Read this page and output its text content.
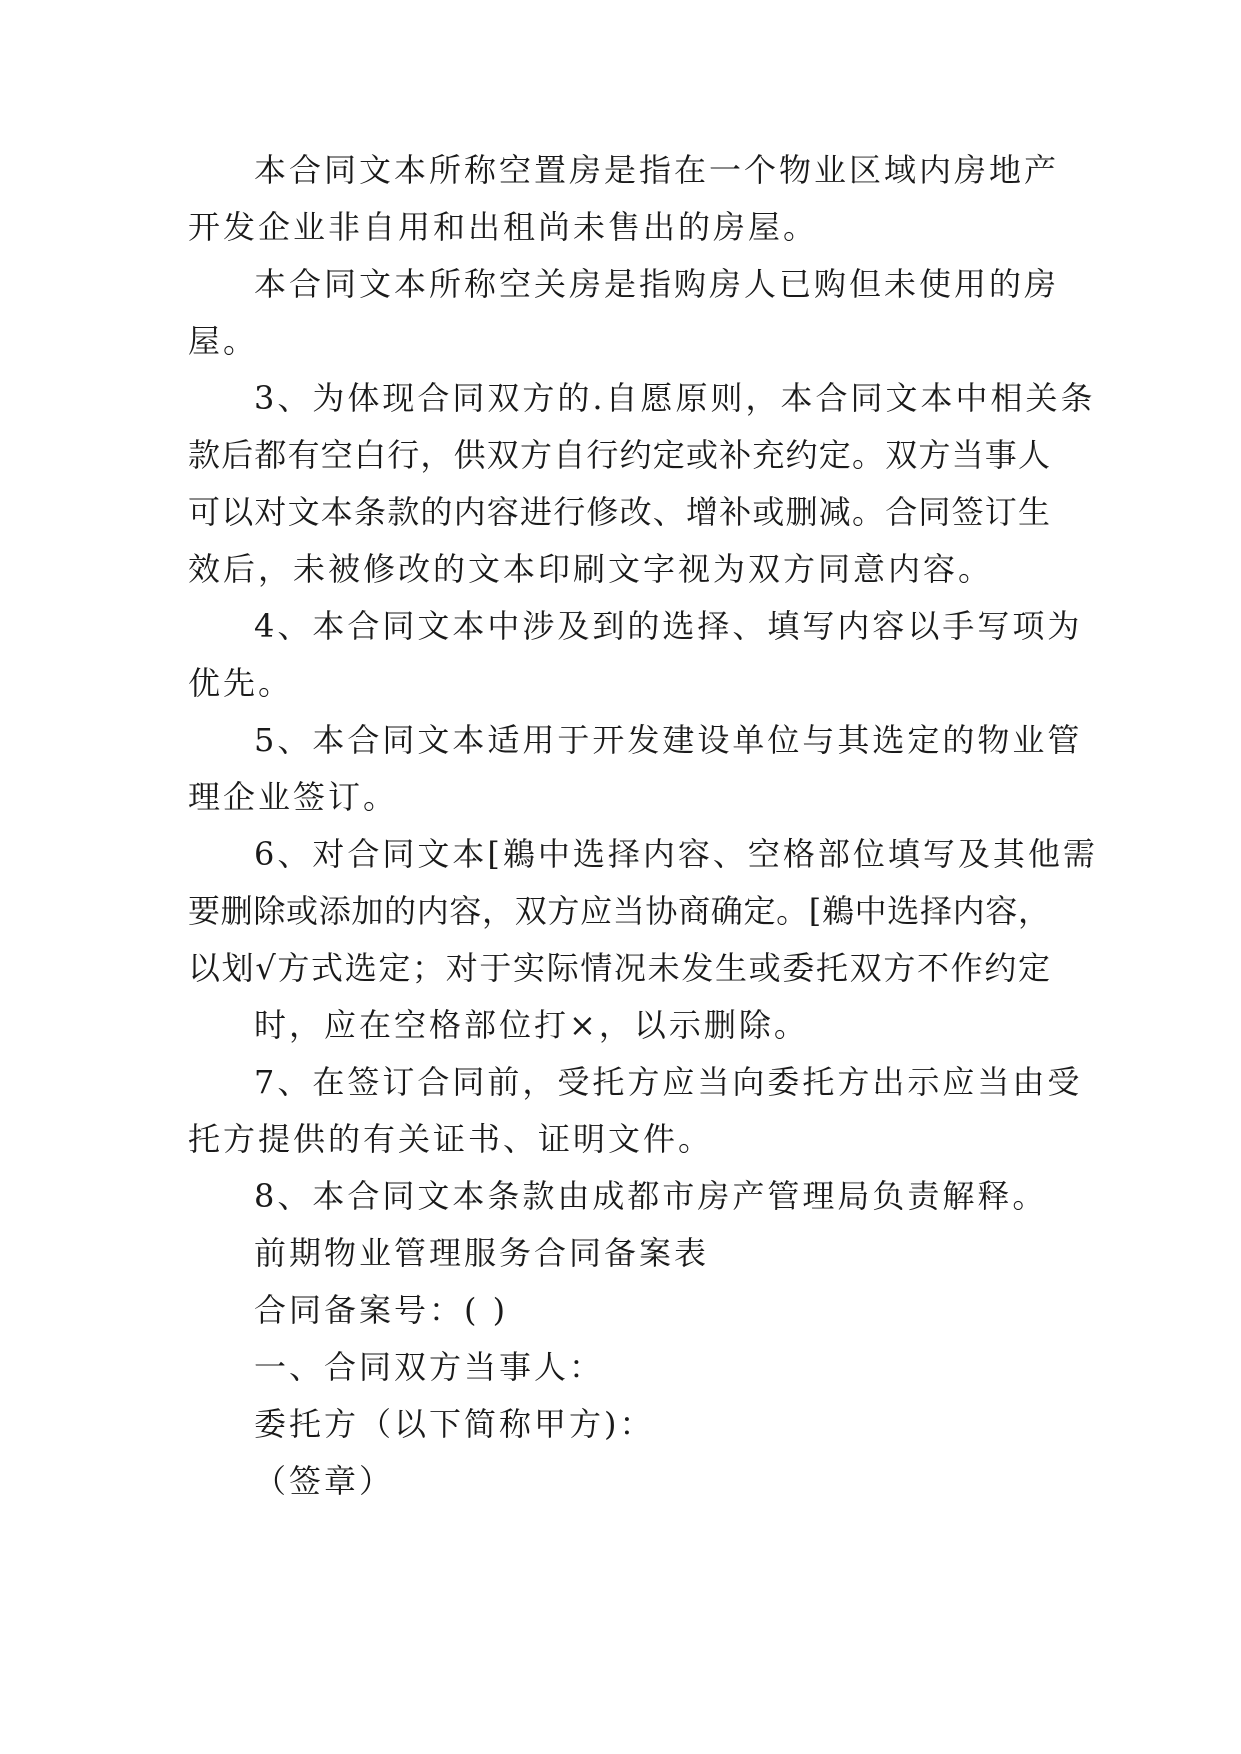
本合同文本所称空置房是指在一个物业区域内房地产

开发企业非自用和出租尚未售出的房屋。

本合同文本所称空关房是指购房人已购但未使用的房

屋。

3、为体现合同双方的.自愿原则，本合同文本中相关条

款后都有空白行，供双方自行约定或补充约定。双方当事人

可以对文本条款的内容进行修改、增补或删减。合同签订生

效后，未被修改的文本印刷文字视为双方同意内容。

4、本合同文本中涉及到的选择、填写内容以手写项为

优先。

5、本合同文本适用于开发建设单位与其选定的物业管

理企业签订。

6、对合同文本[鵜中选择内容、空格部位填写及其他需

要删除或添加的内容，双方应当协商确定。[鵜中选择内容，

以划√方式选定；对于实际情况未发生或委托双方不作约定

时，应在空格部位打×，以示删除。

7、在签订合同前，受托方应当向委托方出示应当由受

托方提供的有关证书、证明文件。

8、本合同文本条款由成都市房产管理局负责解释。

前期物业管理服务合同备案表

合同备案号：( )

一、合同双方当事人：

委托方（以下简称甲方)：

（签章）
